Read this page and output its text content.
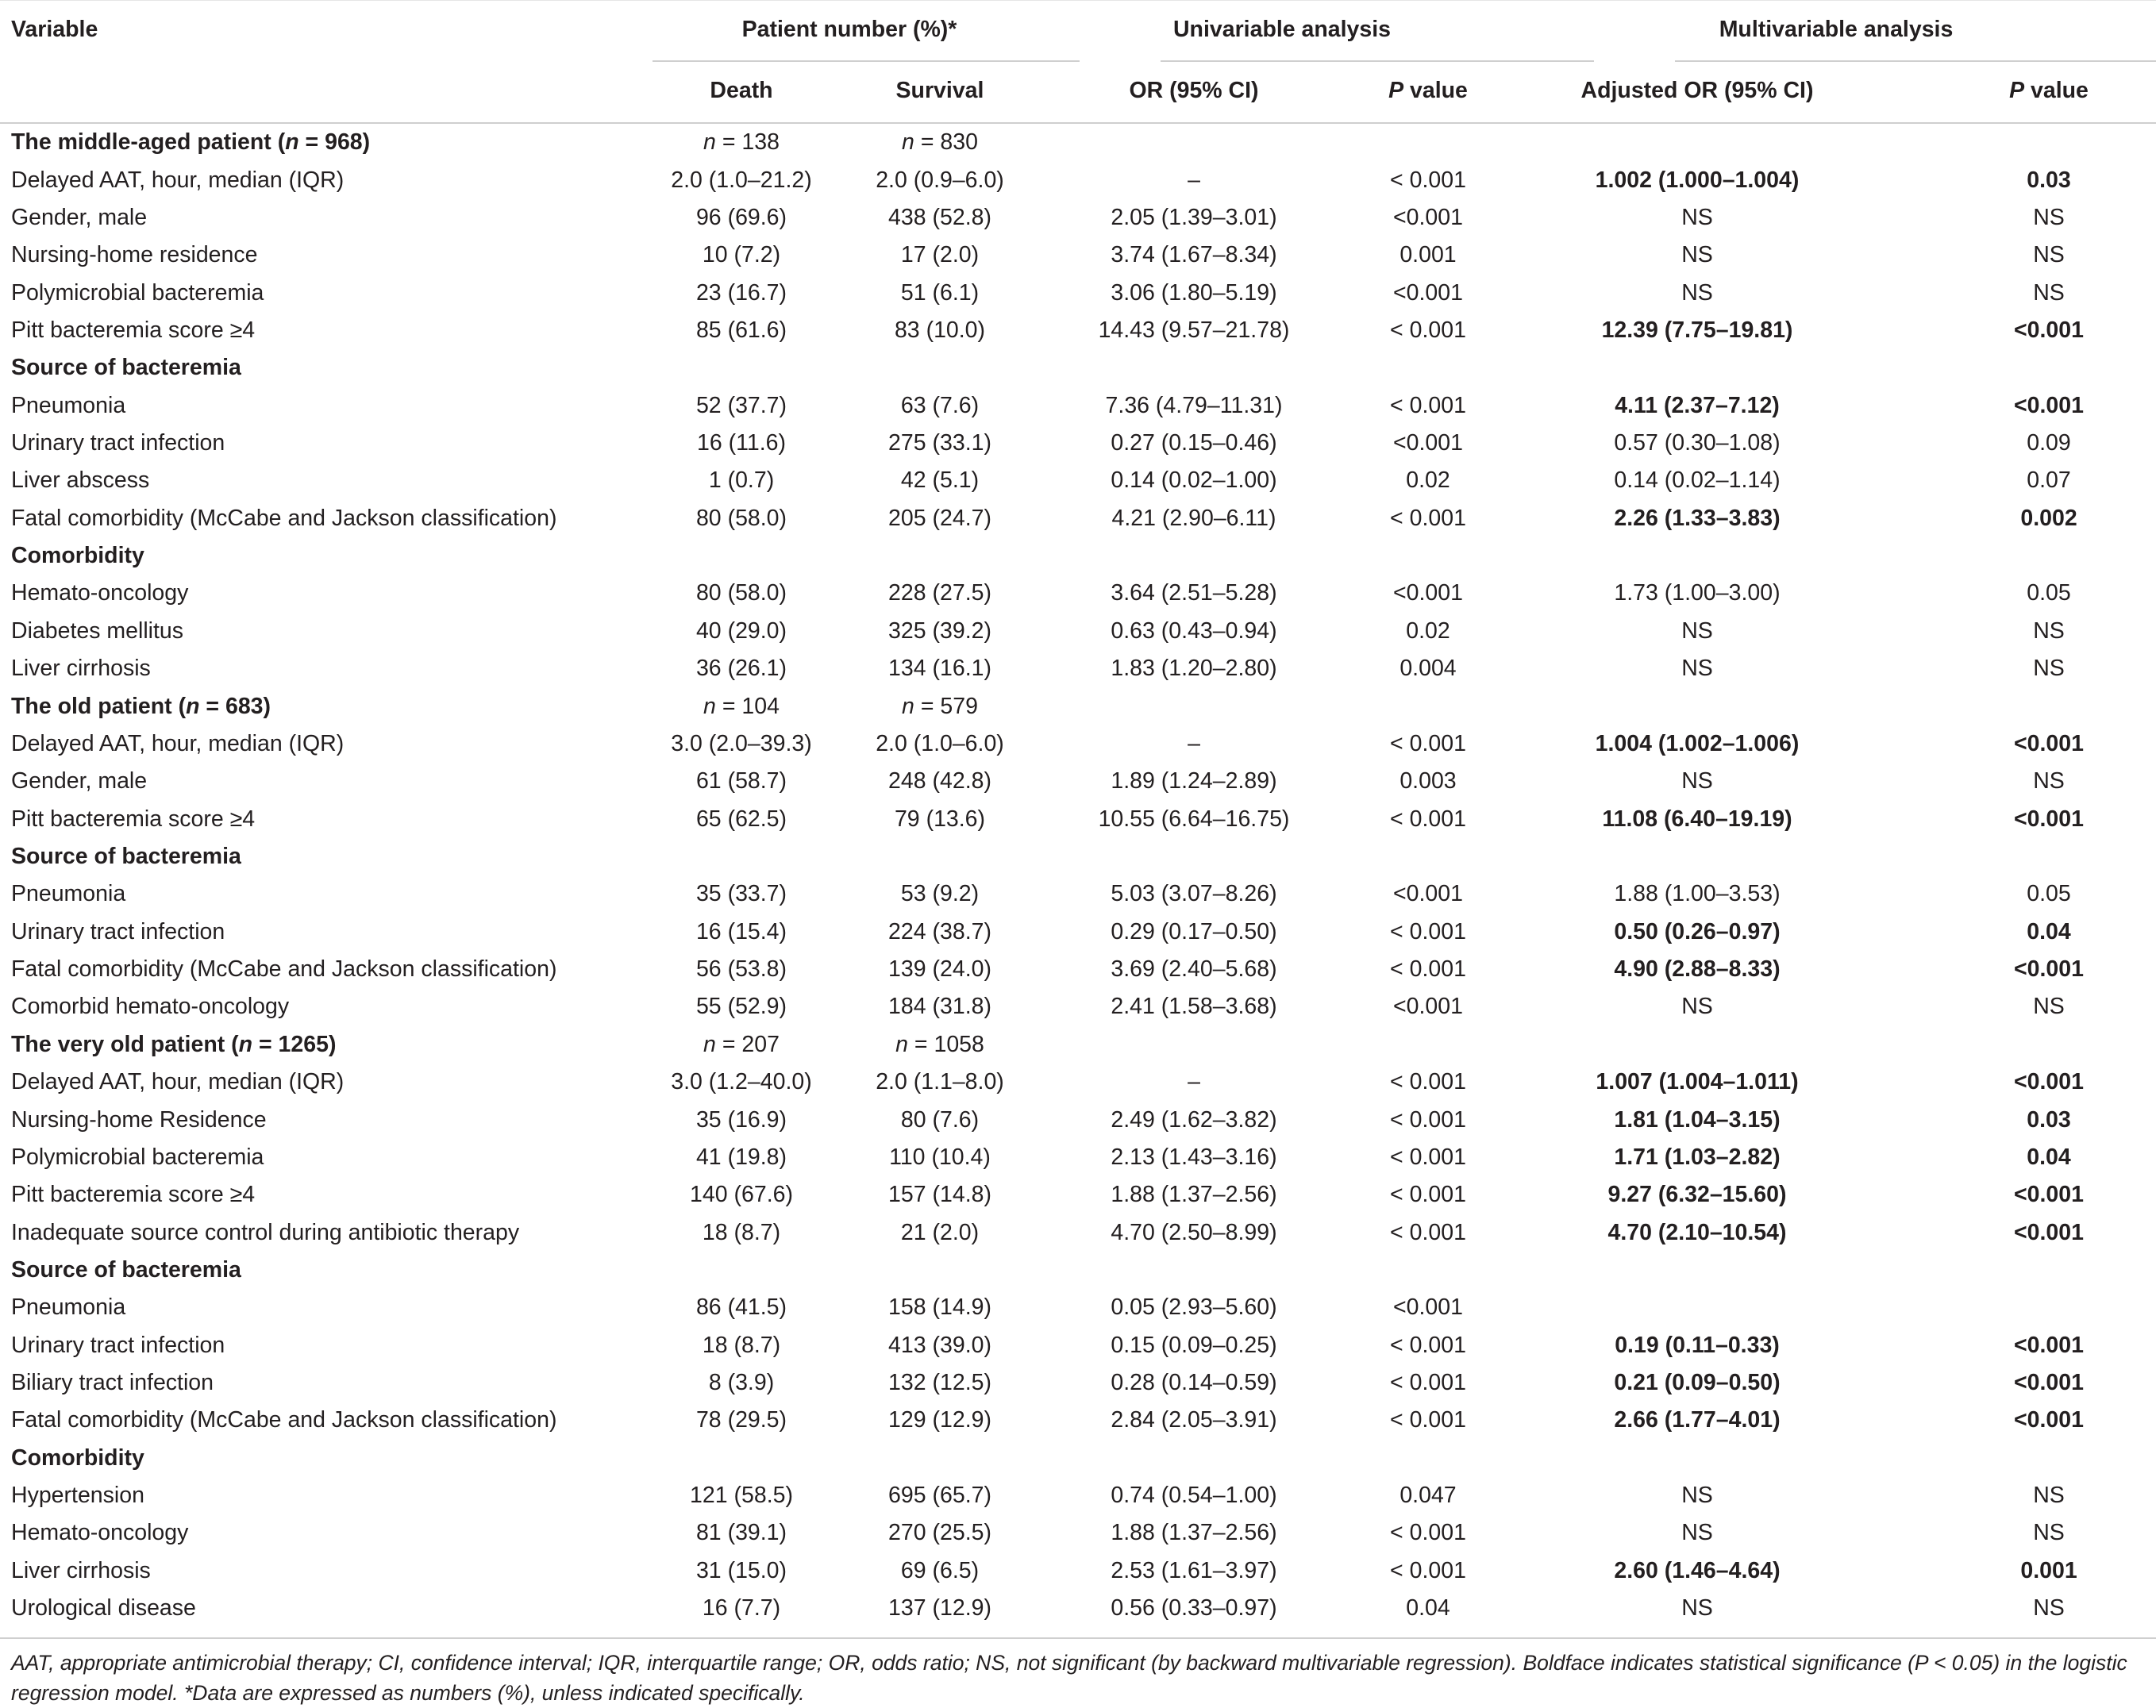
Variable	Patient number (%)*		Univariable analysis		Multivariable analysis	
	Death	Survival	OR (95% CI)	P value	Adjusted OR (95% CI)	P value
The middle-aged patient (n = 968)	n = 138	n = 830				
Delayed AAT, hour, median (IQR)	2.0 (1.0–21.2)	2.0 (0.9–6.0)	–	< 0.001	1.002 (1.000–1.004)	0.03
Gender, male	96 (69.6)	438 (52.8)	2.05 (1.39–3.01)	<0.001	NS	NS
Nursing-home residence	10 (7.2)	17 (2.0)	3.74 (1.67–8.34)	0.001	NS	NS
Polymicrobial bacteremia	23 (16.7)	51 (6.1)	3.06 (1.80–5.19)	<0.001	NS	NS
Pitt bacteremia score ≥4	85 (61.6)	83 (10.0)	14.43 (9.57–21.78)	< 0.001	12.39 (7.75–19.81)	<0.001
Source of bacteremia						
Pneumonia	52 (37.7)	63 (7.6)	7.36 (4.79–11.31)	< 0.001	4.11 (2.37–7.12)	<0.001
Urinary tract infection	16 (11.6)	275 (33.1)	0.27 (0.15–0.46)	<0.001	0.57 (0.30–1.08)	0.09
Liver abscess	1 (0.7)	42 (5.1)	0.14 (0.02–1.00)	0.02	0.14 (0.02–1.14)	0.07
Fatal comorbidity (McCabe and Jackson classification)	80 (58.0)	205 (24.7)	4.21 (2.90–6.11)	< 0.001	2.26 (1.33–3.83)	0.002
Comorbidity						
Hemato-oncology	80 (58.0)	228 (27.5)	3.64 (2.51–5.28)	<0.001	1.73 (1.00–3.00)	0.05
Diabetes mellitus	40 (29.0)	325 (39.2)	0.63 (0.43–0.94)	0.02	NS	NS
Liver cirrhosis	36 (26.1)	134 (16.1)	1.83 (1.20–2.80)	0.004	NS	NS
The old patient (n = 683)	n = 104	n = 579				
Delayed AAT, hour, median (IQR)	3.0 (2.0–39.3)	2.0 (1.0–6.0)	–	< 0.001	1.004 (1.002–1.006)	<0.001
Gender, male	61 (58.7)	248 (42.8)	1.89 (1.24–2.89)	0.003	NS	NS
Pitt bacteremia score ≥4	65 (62.5)	79 (13.6)	10.55 (6.64–16.75)	< 0.001	11.08 (6.40–19.19)	<0.001
Source of bacteremia						
Pneumonia	35 (33.7)	53 (9.2)	5.03 (3.07–8.26)	<0.001	1.88 (1.00–3.53)	0.05
Urinary tract infection	16 (15.4)	224 (38.7)	0.29 (0.17–0.50)	< 0.001	0.50 (0.26–0.97)	0.04
Fatal comorbidity (McCabe and Jackson classification)	56 (53.8)	139 (24.0)	3.69 (2.40–5.68)	< 0.001	4.90 (2.88–8.33)	<0.001
Comorbid hemato-oncology	55 (52.9)	184 (31.8)	2.41 (1.58–3.68)	<0.001	NS	NS
The very old patient (n = 1265)	n = 207	n = 1058				
Delayed AAT, hour, median (IQR)	3.0 (1.2–40.0)	2.0 (1.1–8.0)	–	< 0.001	1.007 (1.004–1.011)	<0.001
Nursing-home Residence	35 (16.9)	80 (7.6)	2.49 (1.62–3.82)	< 0.001	1.81 (1.04–3.15)	0.03
Polymicrobial bacteremia	41 (19.8)	110 (10.4)	2.13 (1.43–3.16)	< 0.001	1.71 (1.03–2.82)	0.04
Pitt bacteremia score ≥4	140 (67.6)	157 (14.8)	1.88 (1.37–2.56)	< 0.001	9.27 (6.32–15.60)	<0.001
Inadequate source control during antibiotic therapy	18 (8.7)	21 (2.0)	4.70 (2.50–8.99)	< 0.001	4.70 (2.10–10.54)	<0.001
Source of bacteremia						
Pneumonia	86 (41.5)	158 (14.9)	0.05 (2.93–5.60)	<0.001		
Urinary tract infection	18 (8.7)	413 (39.0)	0.15 (0.09–0.25)	< 0.001	0.19 (0.11–0.33)	<0.001
Biliary tract infection	8 (3.9)	132 (12.5)	0.28 (0.14–0.59)	< 0.001	0.21 (0.09–0.50)	<0.001
Fatal comorbidity (McCabe and Jackson classification)	78 (29.5)	129 (12.9)	2.84 (2.05–3.91)	< 0.001	2.66 (1.77–4.01)	<0.001
Comorbidity						
Hypertension	121 (58.5)	695 (65.7)	0.74 (0.54–1.00)	0.047	NS	NS
Hemato-oncology	81 (39.1)	270 (25.5)	1.88 (1.37–2.56)	< 0.001	NS	NS
Liver cirrhosis	31 (15.0)	69 (6.5)	2.53 (1.61–3.97)	< 0.001	2.60 (1.46–4.64)	0.001
Urological disease	16 (7.7)	137 (12.9)	0.56 (0.33–0.97)	0.04	NS	NS
AAT, appropriate antimicrobial therapy; CI, confidence interval; IQR, interquartile range; OR, odds ratio; NS, not significant (by backward multivariable regression). Boldface indicates statistical significance (P < 0.05) in the logistic regression model. *Data are expressed as numbers (%), unless indicated specifically.
